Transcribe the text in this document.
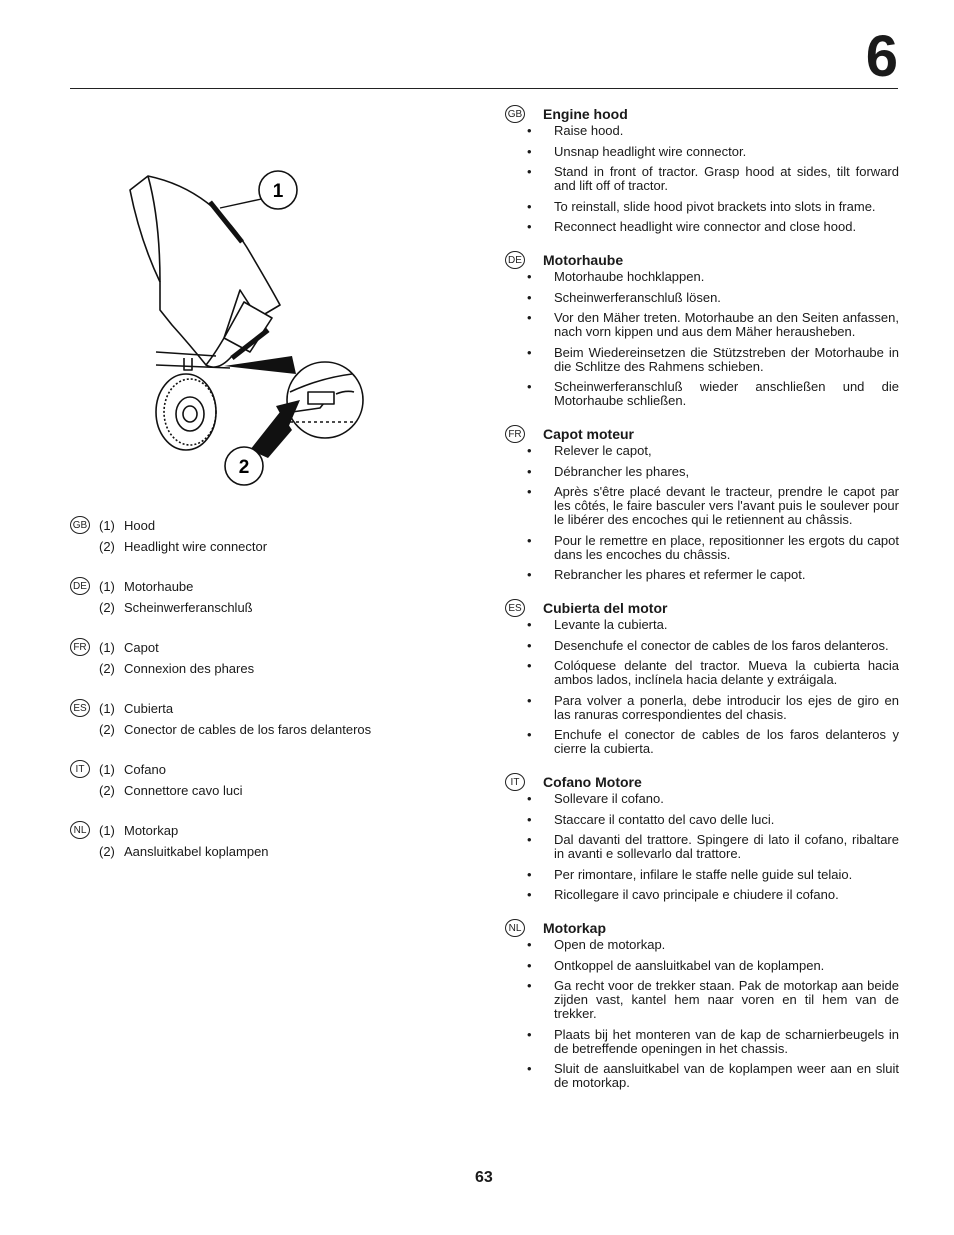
6
1
2
GB (1) Hood
(2) Headlight wire connector
DE (1) Motorhaube
(2) Scheinwerferanschluß
FR (1) Capot
(2) Connexion des phares
ES (1) Cubierta
(2) Conector de cables de los faros delanteros
IT	(1) Cofano
(2) Connettore cavo luci
NL (1) Motorkap
(2) Aansluitkabel koplampen
GB Engine hood
• Raise hood.
• Unsnap headlight wire connector.
• Stand in front of tractor. Grasp hood at sides, tilt forward and lift off of tractor.
• To reinstall, slide hood pivot brackets into slots in frame.
• Reconnect headlight wire connector and close hood.
DE Motorhaube
• Motorhaube hochklappen.
• Scheinwerferanschluß lösen.
• Vor den Mäher treten. Motorhaube an den Seiten anfassen, nach vorn kippen und aus dem Mäher herausheben.
• Beim Wiedereinsetzen die Stützstreben der Motorhaube in die Schlitze des Rahmens schieben.
• Scheinwerferanschluß wieder anschließen und die Motorhaube schließen.
FR Capot moteur
• Relever le capot,
• Débrancher les phares,
• Après s'être placé devant le tracteur, prendre le capot par les côtés, le faire basculer vers l'avant puis le soulever pour le libérer des encoches qui le retiennent au châssis.
• Pour le remettre en place, repositionner les ergots du capot dans les encoches du châssis.
• Rebrancher les phares et refermer le capot.
ES Cubierta del motor
• Levante la cubierta.
• Desenchufe el conector de cables de los faros delanteros.
• Colóquese delante del tractor. Mueva la cubierta hacia ambos lados, inclínela hacia delante y extráigala.
• Para volver a ponerla, debe introducir los ejes de giro en las ranuras correspondientes del chasis.
• Enchufe el conector de cables de los faros delanteros y cierre la cubierta.
IT	Cofano Motore
• Sollevare il cofano.
• Staccare il contatto del cavo delle luci.
• Dal davanti del trattore. Spingere di lato il cofano, ribaltare in avanti e sollevarlo dal trattore.
• Per rimontare, infilare le staffe nelle guide sul telaio.
• Ricollegare il cavo principale e chiudere il cofano.
NL Motorkap
• Open de motorkap.
• Ontkoppel de aansluitkabel van de koplampen.
• Ga recht voor de trekker staan. Pak de motorkap aan beide zijden vast, kantel hem naar voren en til hem van de trekker.
• Plaats bij het monteren van de kap de scharnierbeugels in de betreffende openingen in het chassis.
• Sluit de aansluitkabel van de koplampen weer aan en sluit de motorkap.
63
